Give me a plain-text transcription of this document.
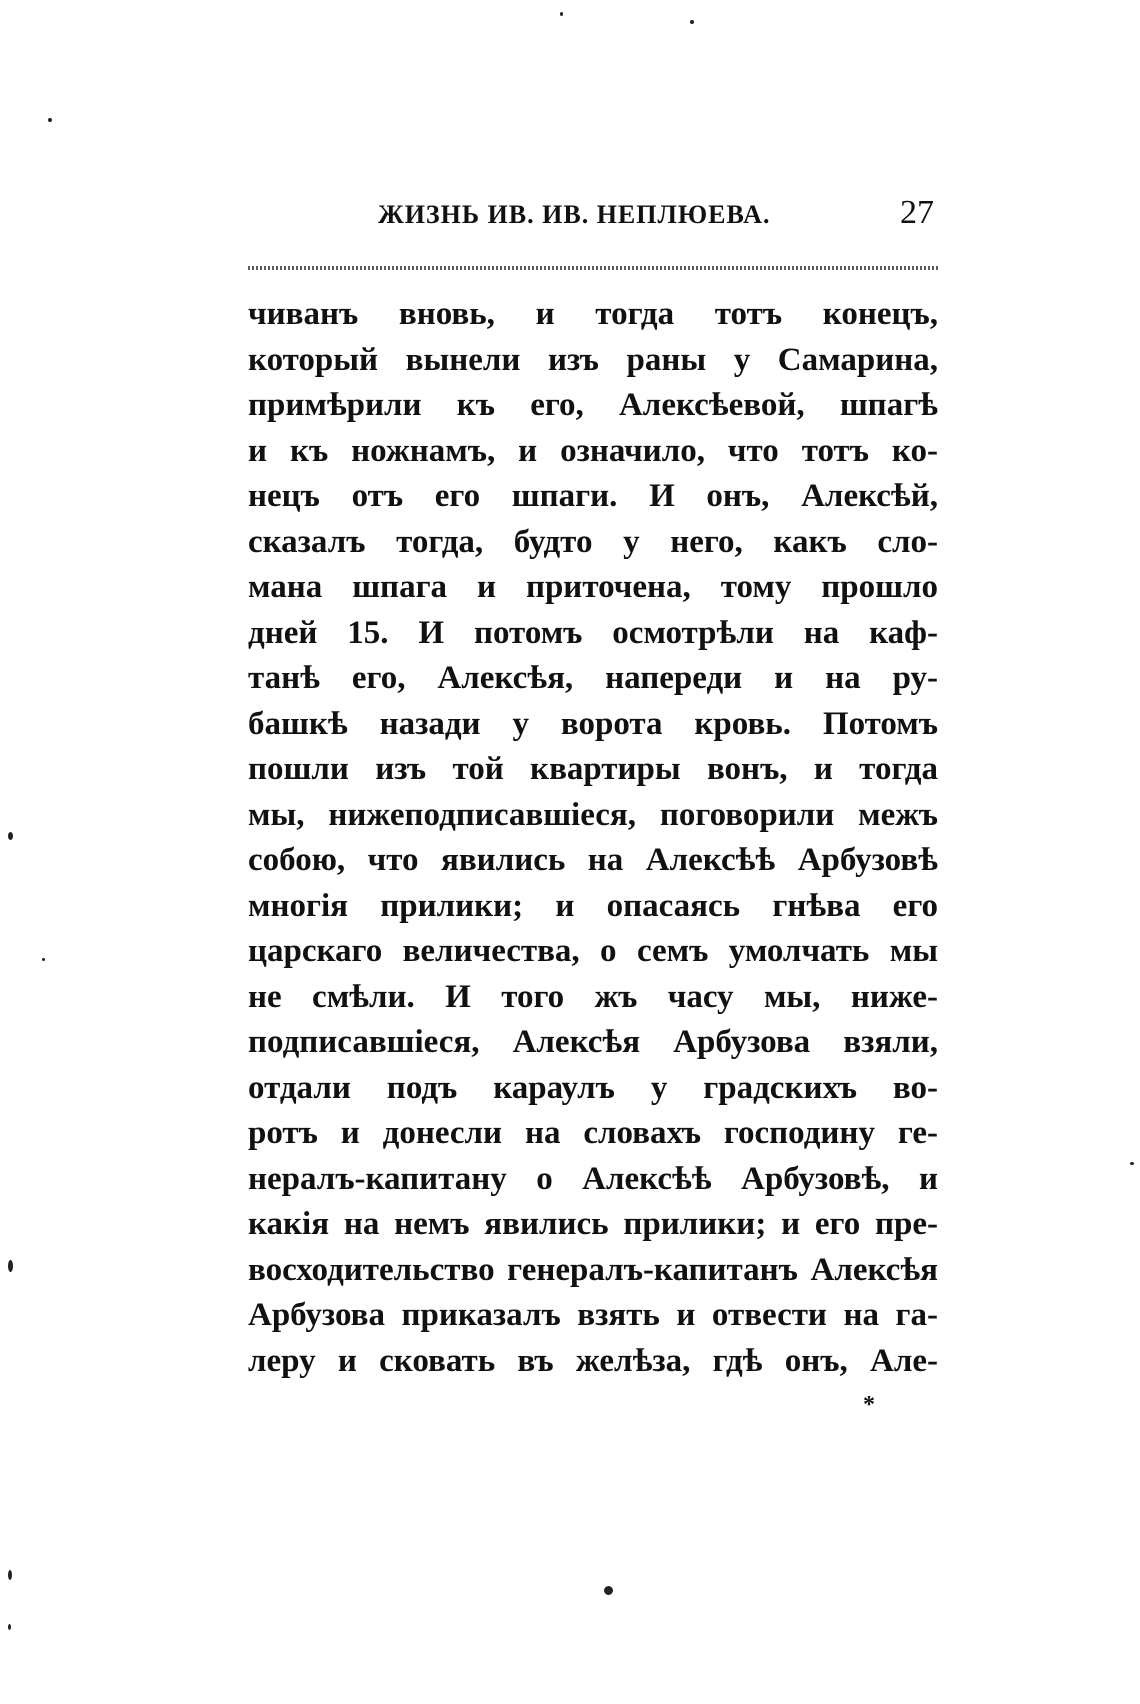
ЖИЗНЬ ИВ. ИВ. НЕПЛЮЕВА.	27
чиванъ вновь, и тогда тотъ конецъ,
который вынели изъ раны у Самарина,
примѣрили къ его, Алексѣевой, шпагѣ
и къ ножнамъ, и означило, что тотъ ко-
нецъ отъ его шпаги. И онъ, Алексѣй,
сказалъ тогда, будто у него, какъ сло-
мана шпага и приточена, тому прошло
дней 15. И потомъ осмотрѣли на каф-
танѣ его, Алексѣя, напереди и на ру-
башкѣ назади у ворота кровь. Потомъ
пошли изъ той квартиры вонъ, и тогда
мы, нижеподписавшіеся, поговорили межъ
собою, что явились на Алексѣѣ Арбузовѣ
многія прилики; и опасаясь гнѣва его
царскаго величества, о семъ умолчать мы
не смѣли. И того жъ часу мы, ниже-
подписавшіеся, Алексѣя Арбузова взяли,
отдали подъ караулъ у градскихъ во-
ротъ и донесли на словахъ господину ге-
нералъ-капитану о Алексѣѣ Арбузовѣ, и
какія на немъ явились прилики; и его пре-
восходительство генералъ-капитанъ Алексѣя
Арбузова приказалъ взять и отвести на га-
леру и сковать въ желѣза, гдѣ онъ, Але-
*
